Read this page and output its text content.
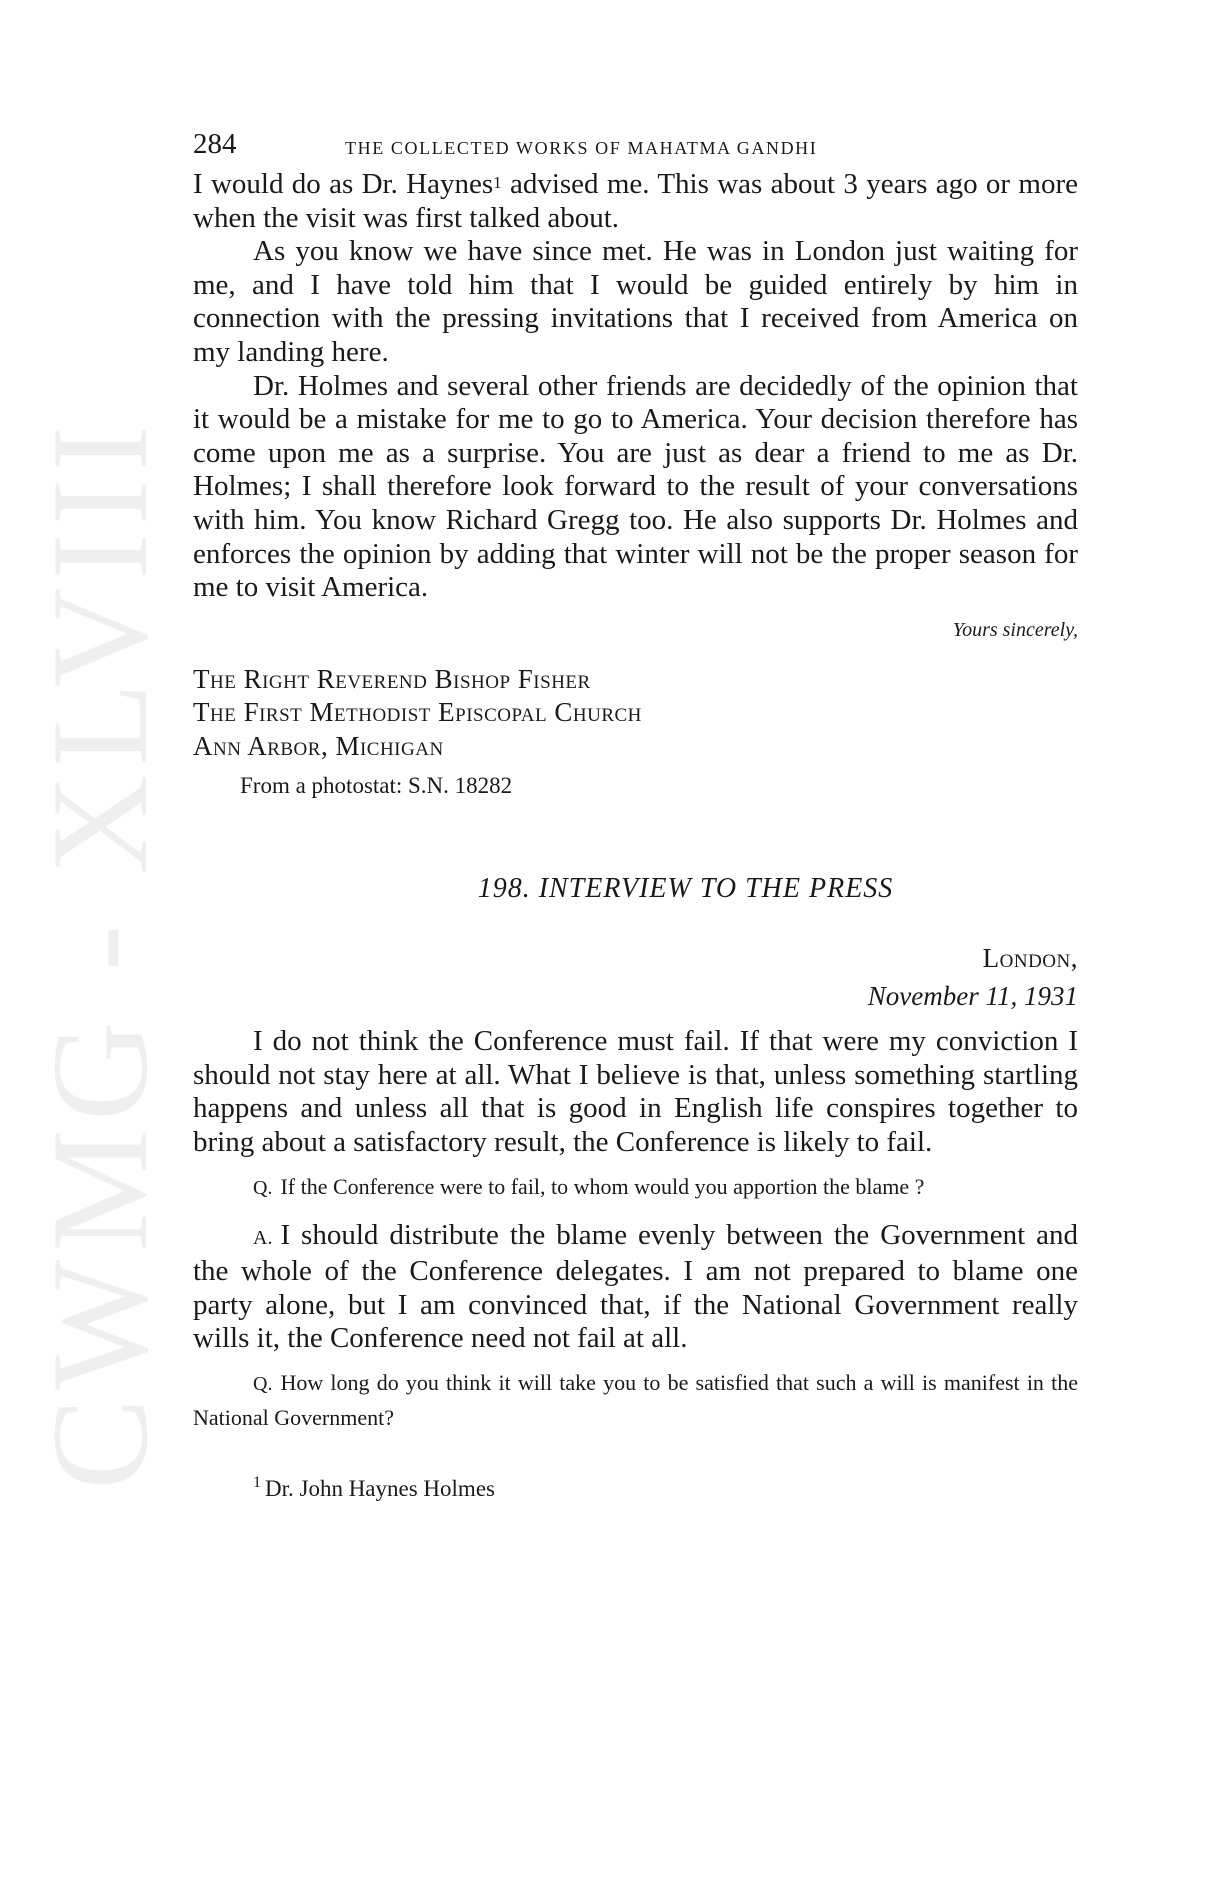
CWMG - XLVIII
284	THE COLLECTED WORKS OF MAHATMA GANDHI

I would do as Dr. Haynes$^1$ advised me. This was about 3 years ago or more when the visit was first talked about.

As you know we have since met. He was in London just waiting for me, and I have told him that I would be guided entirely by him in connection with the pressing invitations that I received from America on my landing here.

Dr. Holmes and several other friends are decidedly of the opinion that it would be a mistake for me to go to America. Your decision therefore has come upon me as a surprise. You are just as dear a friend to me as Dr. Holmes; I shall therefore look forward to the result of your conversations with him. You know Richard Gregg too. He also supports Dr. Holmes and enforces the opinion by adding that winter will not be the proper season for me to visit America.

Yours sincerely,
The Right Reverend Bishop Fisher
The First Methodist Episcopal Church
Ann Arbor, Michigan
From a photostat: S.N. 18282
198. INTERVIEW TO THE PRESS
London,
November 11, 1931

I do not think the Conference must fail. If that were my conviction I should not stay here at all. What I believe is that, unless something startling happens and unless all that is good in English life conspires together to bring about a satisfactory result, the Conference is likely to fail.

Q. If the Conference were to fail, to whom would you apportion the blame ?

A. I should distribute the blame evenly between the Government and the whole of the Conference delegates. I am not prepared to blame one party alone, but I am convinced that, if the National Government really wills it, the Conference need not fail at all.

Q. How long do you think it will take you to be satisfied that such a will is manifest in the National Government?

$^1$ Dr. John Haynes Holmes
